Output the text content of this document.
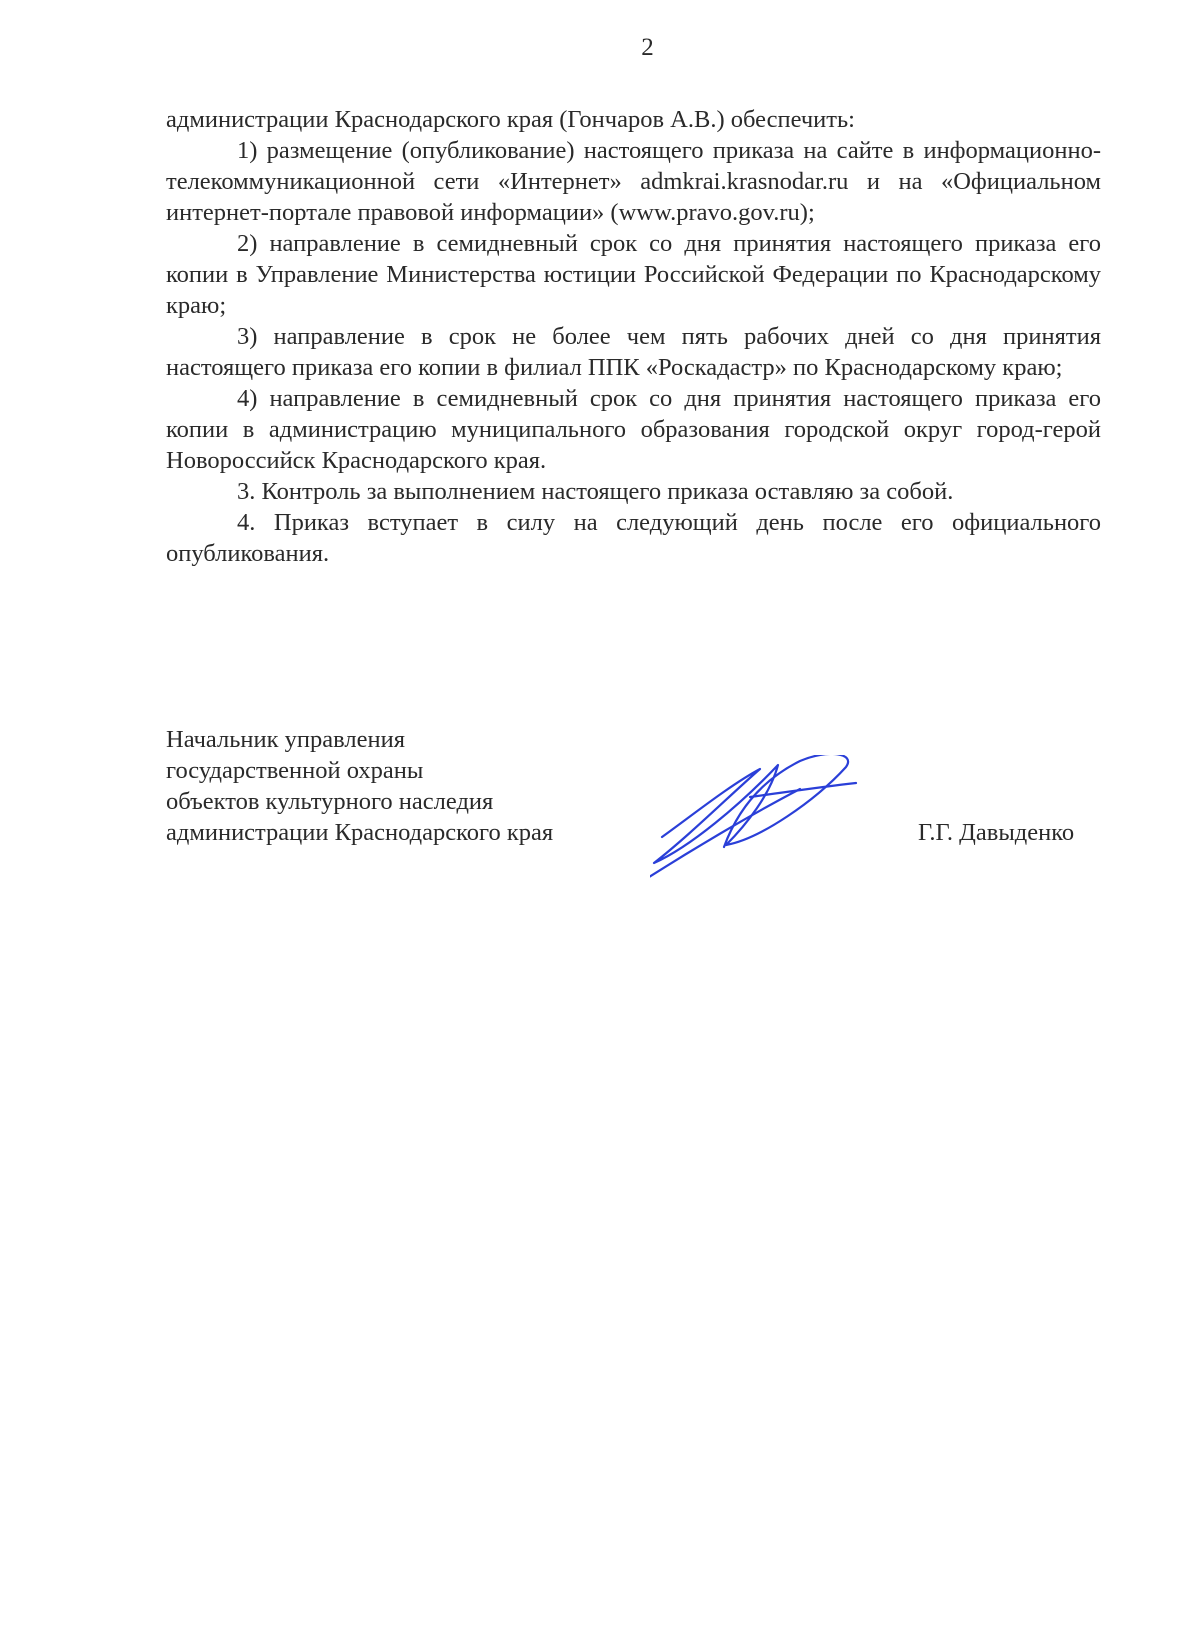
2

администрации Краснодарского края (Гончаров А.В.) обеспечить:

1) размещение (опубликование) настоящего приказа на сайте в информационно-телекоммуникационной сети «Интернет» admkrai.krasnodar.ru и на «Официальном интернет-портале правовой информации» (www.pravo.gov.ru);

2) направление в семидневный срок со дня принятия настоящего приказа его копии в Управление Министерства юстиции Российской Федерации по Краснодарскому краю;

3) направление в срок не более чем пять рабочих дней со дня принятия настоящего приказа его копии в филиал ППК «Роскадастр» по Краснодарскому краю;

4) направление в семидневный срок со дня принятия настоящего приказа его копии в администрацию муниципального образования городской округ город-герой Новороссийск Краснодарского края.

3. Контроль за выполнением настоящего приказа оставляю за собой.

4. Приказ вступает в силу на следующий день после его официального опубликования.

Начальник управления
государственной охраны
объектов культурного наследия
администрации Краснодарского края	Г.Г. Давыденко
